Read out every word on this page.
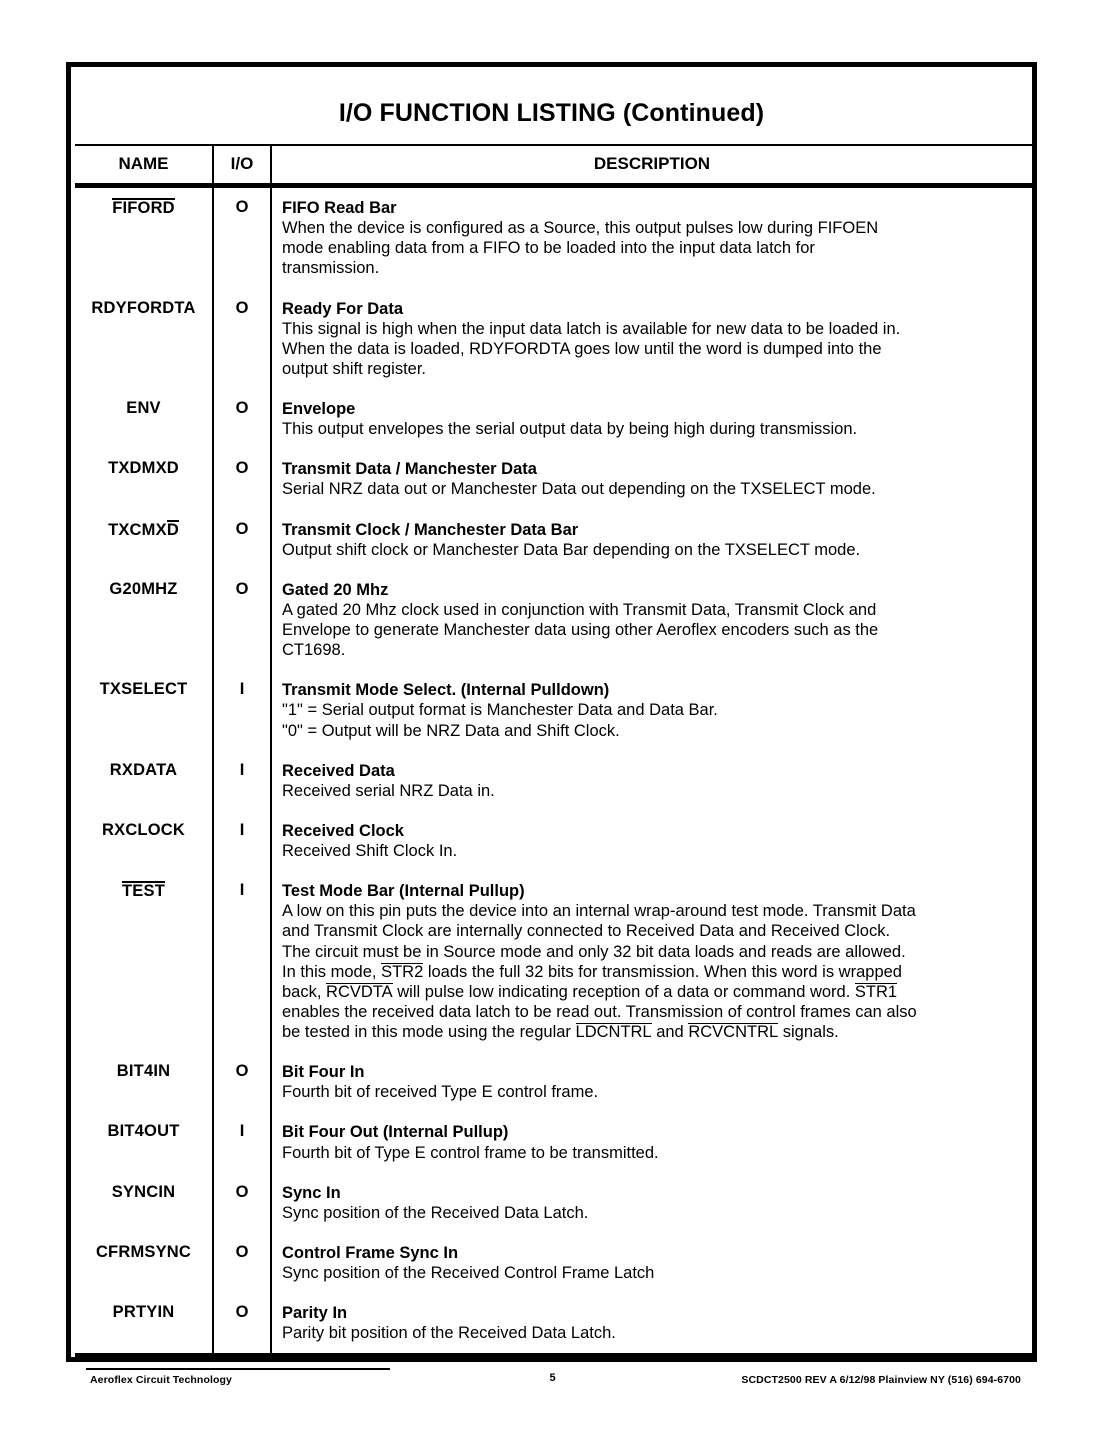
I/O FUNCTION LISTING (Continued)
NAME	I/O	DESCRIPTION

FIFORD	O	FIFO Read Bar
When the device is configured as a Source, this output pulses low during FIFOEN
mode enabling data from a FIFO to be loaded into the input data latch for
transmission.

RDYFORDTA	O	Ready For Data
This signal is high when the input data latch is available for new data to be loaded in.
When the data is loaded, RDYFORDTA goes low until the word is dumped into the
output shift register.

ENV	O	Envelope
This output envelopes the serial output data by being high during transmission.

TXDMXD	O	Transmit Data / Manchester Data
Serial NRZ data out or Manchester Data out depending on the TXSELECT mode.

TXCMXD	O	Transmit Clock / Manchester Data Bar
Output shift clock or Manchester Data Bar depending on the TXSELECT mode.

G20MHZ	O	Gated 20 Mhz
A gated 20 Mhz clock used in conjunction with Transmit Data, Transmit Clock and
Envelope to generate Manchester data using other Aeroflex encoders such as the
CT1698.

TXSELECT	I	Transmit Mode Select. (Internal Pulldown)
"1" = Serial output format is Manchester Data and Data Bar.
"0" = Output will be NRZ Data and Shift Clock.

RXDATA	I	Received Data
Received serial NRZ Data in.

RXCLOCK	I	Received Clock
Received Shift Clock In.

TEST	I	Test Mode Bar (Internal Pullup)
A low on this pin puts the device into an internal wrap-around test mode. Transmit Data
and Transmit Clock are internally connected to Received Data and Received Clock.
The circuit must be in Source mode and only 32 bit data loads and reads are allowed.
In this mode, STR2 loads the full 32 bits for transmission. When this word is wrapped
back, RCVDTA will pulse low indicating reception of a data or command word. STR1
enables the received data latch to be read out. Transmission of control frames can also
be tested in this mode using the regular LDCNTRL and RCVCNTRL signals.

BIT4IN	O	Bit Four In
Fourth bit of received Type E control frame.

BIT4OUT	I	Bit Four Out (Internal Pullup)
Fourth bit of Type E control frame to be transmitted.

SYNCIN	O	Sync In
Sync position of the Received Data Latch.

CFRMSYNC	O	Control Frame Sync In
Sync position of the Received Control Frame Latch

PRTYIN	O	Parity In
Parity bit position of the Received Data Latch.
Aeroflex Circuit Technology	5	SCDCT2500 REV A 6/12/98 Plainview NY (516) 694-6700
